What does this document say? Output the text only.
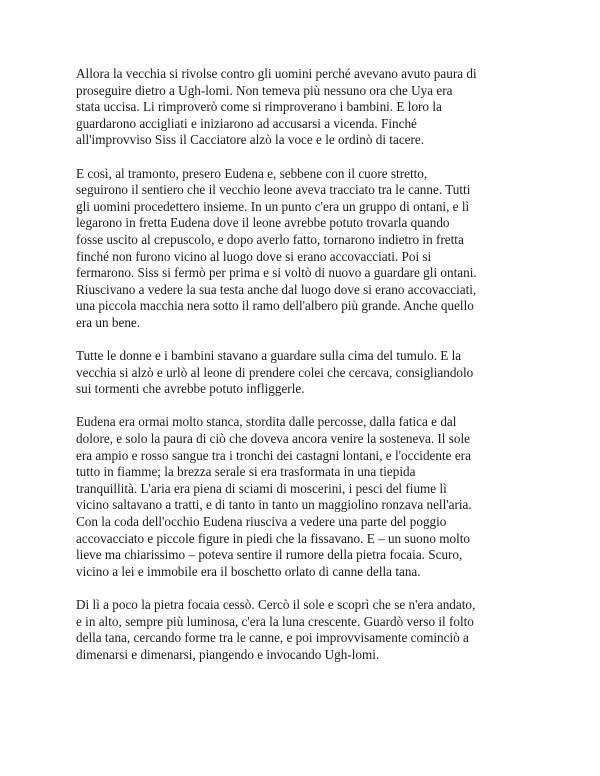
Allora la vecchia si rivolse contro gli uomini perché avevano avuto paura di
proseguire dietro a Ugh-lomi. Non temeva più nessuno ora che Uya era
stata uccisa. Li rimproverò come si rimproverano i bambini. E loro la
guardarono accigliati e iniziarono ad accusarsi a vicenda. Finché
all'improvviso Siss il Cacciatore alzò la voce e le ordinò di tacere.

E così, al tramonto, presero Eudena e, sebbene con il cuore stretto,
seguirono il sentiero che il vecchio leone aveva tracciato tra le canne. Tutti
gli uomini procedettero insieme. In un punto c'era un gruppo di ontani, e lì
legarono in fretta Eudena dove il leone avrebbe potuto trovarla quando
fosse uscito al crepuscolo, e dopo averlo fatto, tornarono indietro in fretta
finché non furono vicino al luogo dove si erano accovacciati. Poi si
fermarono. Siss si fermò per prima e si voltò di nuovo a guardare gli ontani.
Riuscivano a vedere la sua testa anche dal luogo dove si erano accovacciati,
una piccola macchia nera sotto il ramo dell'albero più grande. Anche quello
era un bene.

Tutte le donne e i bambini stavano a guardare sulla cima del tumulo. E la
vecchia si alzò e urlò al leone di prendere colei che cercava, consigliandolo
sui tormenti che avrebbe potuto infliggerle.

Eudena era ormai molto stanca, stordita dalle percosse, dalla fatica e dal
dolore, e solo la paura di ciò che doveva ancora venire la sosteneva. Il sole
era ampio e rosso sangue tra i tronchi dei castagni lontani, e l'occidente era
tutto in fiamme; la brezza serale si era trasformata in una tiepida
tranquillità. L'aria era piena di sciami di moscerini, i pesci del fiume lì
vicino saltavano a tratti, e di tanto in tanto un maggiolino ronzava nell'aria.
Con la coda dell'occhio Eudena riusciva a vedere una parte del poggio
accovacciato e piccole figure in piedi che la fissavano. E – un suono molto
lieve ma chiarissimo – poteva sentire il rumore della pietra focaia. Scuro,
vicino a lei e immobile era il boschetto orlato di canne della tana.

Di lì a poco la pietra focaia cessò. Cercò il sole e scoprì che se n'era andato,
e in alto, sempre più luminosa, c'era la luna crescente. Guardò verso il folto
della tana, cercando forme tra le canne, e poi improvvisamente cominciò a
dimenarsi e dimenarsi, piangendo e invocando Ugh-lomi.
